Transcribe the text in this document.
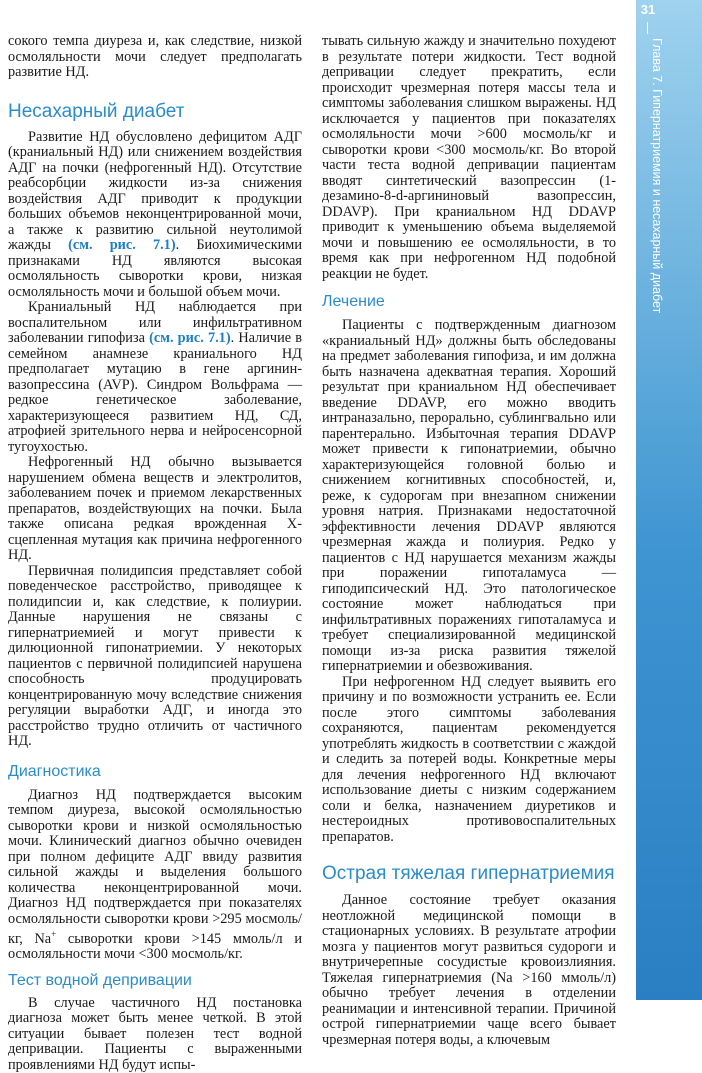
31
Глава 7. Гипернатриемия и несахарный диабет

сокого темпа диуреза и, как следствие, низкой осмоляльности мочи следует предполагать развитие НД.

Несахарный диабет

Развитие НД обусловлено дефицитом АДГ (краниальный НД) или снижением воздействия АДГ на почки (нефрогенный НД). Отсутствие реабсорбции жидкости из-за снижения воздействия АДГ приводит к продукции больших объемов неконцентрированной мочи, а также к развитию сильной неутолимой жажды (см. рис. 7.1). Биохимическими признаками НД являются высокая осмоляльность сыворотки крови, низкая осмоляльность мочи и большой объем мочи.

Краниальный НД наблюдается при воспалительном или инфильтративном заболевании гипофиза (см. рис. 7.1). Наличие в семейном анамнезе краниального НД предполагает мутацию в гене аргинин-вазопрессина (AVP). Синдром Вольфрама — редкое генетическое заболевание, характеризующееся развитием НД, СД, атрофией зрительного нерва и нейросенсорной тугоухостью.

Нефрогенный НД обычно вызывается нарушением обмена веществ и электролитов, заболеванием почек и приемом лекарственных препаратов, воздействующих на почки. Была также описана редкая врожденная X-сцепленная мутация как причина нефрогенного НД.

Первичная полидипсия представляет собой поведенческое расстройство, приводящее к полидипсии и, как следствие, к полиурии. Данные нарушения не связаны с гипернатриемией и могут привести к дилюционной гипонатриемии. У некоторых пациентов с первичной полидипсией нарушена способность продуцировать концентрированную мочу вследствие снижения регуляции выработки АДГ, и иногда это расстройство трудно отличить от частичного НД.

Диагностика

Диагноз НД подтверждается высоким темпом диуреза, высокой осмоляльностью сыворотки крови и низкой осмоляльностью мочи. Клинический диагноз обычно очевиден при полном дефиците АДГ ввиду развития сильной жажды и выделения большого количества неконцентрированной мочи. Диагноз НД подтверждается при показателях осмоляльности сыворотки крови >295 мосмоль/кг, Na+ сыворотки крови >145 ммоль/л и осмоляльности мочи <300 мосмоль/кг.

Тест водной депривации

В случае частичного НД постановка диагноза может быть менее четкой. В этой ситуации бывает полезен тест водной депривации. Пациенты с выраженными проявлениями НД будут испы-

тывать сильную жажду и значительно похудеют в результате потери жидкости. Тест водной депривации следует прекратить, если происходит чрезмерная потеря массы тела и симптомы заболевания слишком выражены. НД исключается у пациентов при показателях осмоляльности мочи >600 мосмоль/кг и сыворотки крови <300 мосмоль/кг. Во второй части теста водной депривации пациентам вводят синтетический вазопрессин (1-дезамино-8-d-аргининовый вазопрессин, DDAVP). При краниальном НД DDAVP приводит к уменьшению объема выделяемой мочи и повышению ее осмоляльности, в то время как при нефрогенном НД подобной реакции не будет.

Лечение

Пациенты с подтвержденным диагнозом «краниальный НД» должны быть обследованы на предмет заболевания гипофиза, и им должна быть назначена адекватная терапия. Хороший результат при краниальном НД обеспечивает введение DDAVP, его можно вводить интраназально, перорально, сублингвально или парентерально. Избыточная терапия DDAVP может привести к гипонатриемии, обычно характеризующейся головной болью и снижением когнитивных способностей, и, реже, к судорогам при внезапном снижении уровня натрия. Признаками недостаточной эффективности лечения DDAVP являются чрезмерная жажда и полиурия. Редко у пациентов с НД нарушается механизм жажды при поражении гипоталамуса — гиподипсический НД. Это патологическое состояние может наблюдаться при инфильтративных поражениях гипоталамуса и требует специализированной медицинской помощи из-за риска развития тяжелой гипернатриемии и обезвоживания.

При нефрогенном НД следует выявить его причину и по возможности устранить ее. Если после этого симптомы заболевания сохраняются, пациентам рекомендуется употреблять жидкость в соответствии с жаждой и следить за потерей воды. Конкретные меры для лечения нефрогенного НД включают использование диеты с низким содержанием соли и белка, назначением диуретиков и нестероидных противовоспалительных препаратов.

Острая тяжелая гипернатриемия

Данное состояние требует оказания неотложной медицинской помощи в стационарных условиях. В результате атрофии мозга у пациентов могут развиться судороги и внутричерепные сосудистые кровоизлияния. Тяжелая гипернатриемия (Na >160 ммоль/л) обычно требует лечения в отделении реанимации и интенсивной терапии. Причиной острой гипернатриемии чаще всего бывает чрезмерная потеря воды, а ключевым
